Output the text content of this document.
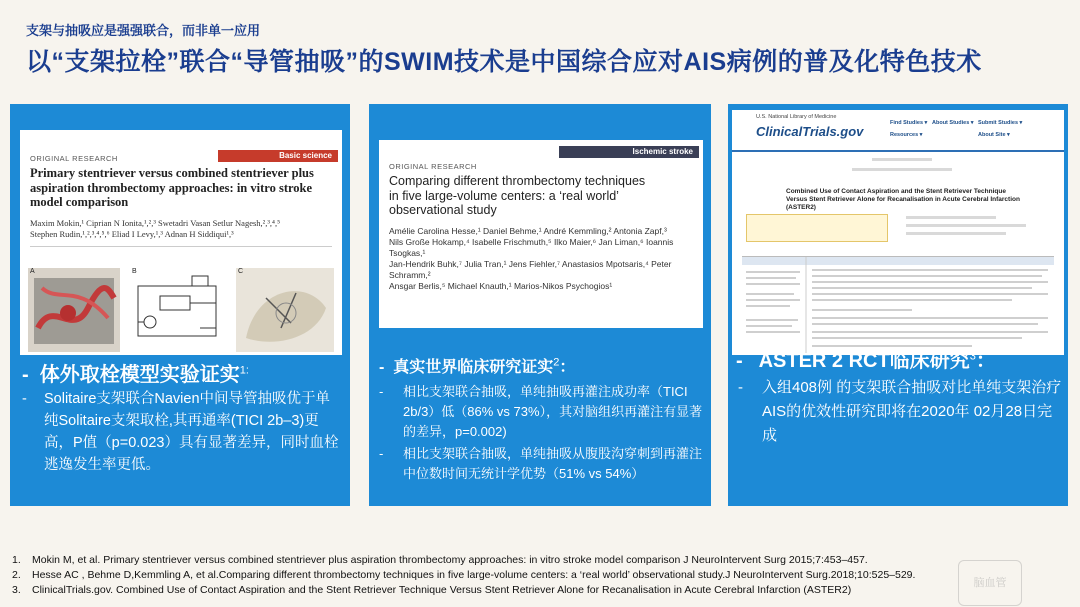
支架与抽吸应是强强联合，而非单一应用
以“支架拉栓”联合“导管抽吸”的SWIM技术是中国综合应对AIS病例的普及化特色技术
Basic science
ORIGINAL RESEARCH
Primary stentriever versus combined stentriever plus
aspiration thrombectomy approaches: in vitro stroke
model comparison
Maxim Mokin,¹ Ciprian N Ionita,¹,²,³ Swetadri Vasan Setlur Nagesh,²,³,⁴,⁵
Stephen Rudin,¹,²,³,⁴,⁵,⁶ Eliad I Levy,¹,³ Adnan H Siddiqui¹,³
A	B	C
-  体外取栓模型实验证实$^{1:}$
-	Solitaire支架联合Navien中间导管抽吸优于单纯Solitaire支架取栓,其再通率(TICI 2b–3)更高，P值（p=0.023）具有显著差异，同时血栓逃逸发生率更低。
Ischemic stroke
ORIGINAL RESEARCH
Comparing different thrombectomy techniques
in five large-volume centers: a ‘real world’
observational study
Amélie Carolina Hesse,¹ Daniel Behme,¹ André Kemmling,² Antonia Zapf,³
Nils Große Hokamp,⁴ Isabelle Frischmuth,⁵ Ilko Maier,⁶ Jan Liman,⁶ Ioannis Tsogkas,¹
Jan-Hendrik Buhk,⁷ Julia Tran,¹ Jens Fiehler,⁷ Anastasios Mpotsaris,⁴ Peter Schramm,²
Ansgar Berlis,⁵ Michael Knauth,¹ Marios-Nikos Psychogios¹
-  真实世界临床研究证实$^2$：
-	相比支架联合抽吸，单纯抽吸再灌注成功率（TICI 2b/3）低（86% vs 73%），其对脑组织再灌注有显著的差异，p=0.002)
-	相比支架联合抽吸，单纯抽吸从腹股沟穿刺到再灌注中位数时间无统计学优势（51% vs 54%）
U.S. National Library of Medicine
ClinicalTrials.gov
Find Studies ▾ About Studies ▾ Submit Studies ▾
Resources ▾	About Site ▾
Combined Use of Contact Aspiration and the Stent Retriever Technique Versus Stent Retriever Alone for Recanalisation in Acute Cerebral Infarction (ASTER2)
-   ASTER 2 RCT临床研究$^3$：
-	入组408例 的支架联合抽吸对比单纯支架治疗AIS的优效性研究即将在2020年 02月28日完成
1. Mokin M, et al. Primary stentriever versus combined stentriever plus aspiration thrombectomy approaches: in vitro stroke model comparison J NeuroIntervent Surg 2015;7:453–457.
2. Hesse AC , Behme D,Kemmling A, et al.Comparing different thrombectomy techniques in five large-volume centers: a ‘real world’ observational study.J NeuroIntervent Surg.2018;10:525–529.
3. ClinicalTrials.gov. Combined Use of Contact Aspiration and the Stent Retriever Technique Versus Stent Retriever Alone for Recanalisation in Acute Cerebral Infarction (ASTER2)
脑血管
